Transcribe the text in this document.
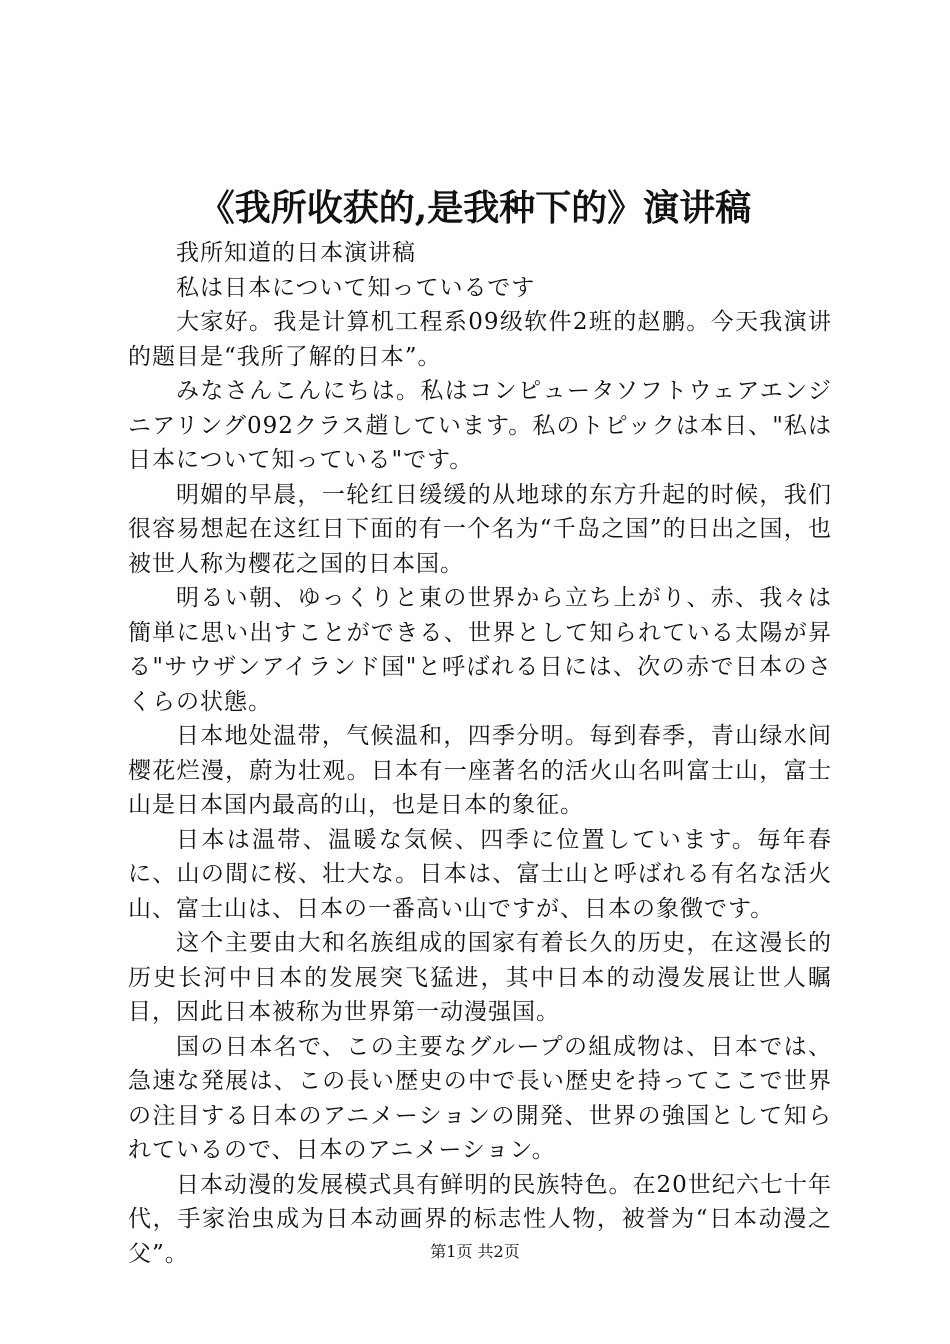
《我所收获的,是我种下的》演讲稿

我所知道的日本演讲稿

私は日本について知っているです

大家好。我是计算机工程系09级软件2班的赵鹏。今天我演讲的题目是“我所了解的日本”。

みなさんこんにちは。私はコンピュータソフトウェアエンジニアリング092クラス趙しています。私のトピックは本日、"私は日本について知っている"です。

明媚的早晨，一轮红日缓缓的从地球的东方升起的时候，我们很容易想起在这红日下面的有一个名为“千岛之国”的日出之国，也被世人称为樱花之国的日本国。

明るい朝、ゆっくりと東の世界から立ち上がり、赤、我々は簡単に思い出すことができる、世界として知られている太陽が昇る"サウザンアイランド国"と呼ばれる日には、次の赤で日本のさくらの状態。

日本地处温带，气候温和，四季分明。每到春季，青山绿水间樱花烂漫，蔚为壮观。日本有一座著名的活火山名叫富士山，富士山是日本国内最高的山，也是日本的象征。

日本は温帯、温暖な気候、四季に位置しています。毎年春に、山の間に桜、壮大な。日本は、富士山と呼ばれる有名な活火山、富士山は、日本の一番高い山ですが、日本の象徴です。

这个主要由大和名族组成的国家有着长久的历史，在这漫长的历史长河中日本的发展突飞猛进，其中日本的动漫发展让世人瞩目，因此日本被称为世界第一动漫强国。

国の日本名で、この主要なグループの組成物は、日本では、急速な発展は、この長い歴史の中で長い歴史を持ってここで世界の注目する日本のアニメーションの開発、世界の強国として知られているので、日本のアニメーション。

日本动漫的发展模式具有鲜明的民族特色。在20世纪六七十年代，手家治虫成为日本动画界的标志性人物，被誉为“日本动漫之父”。	第1页 共2页
